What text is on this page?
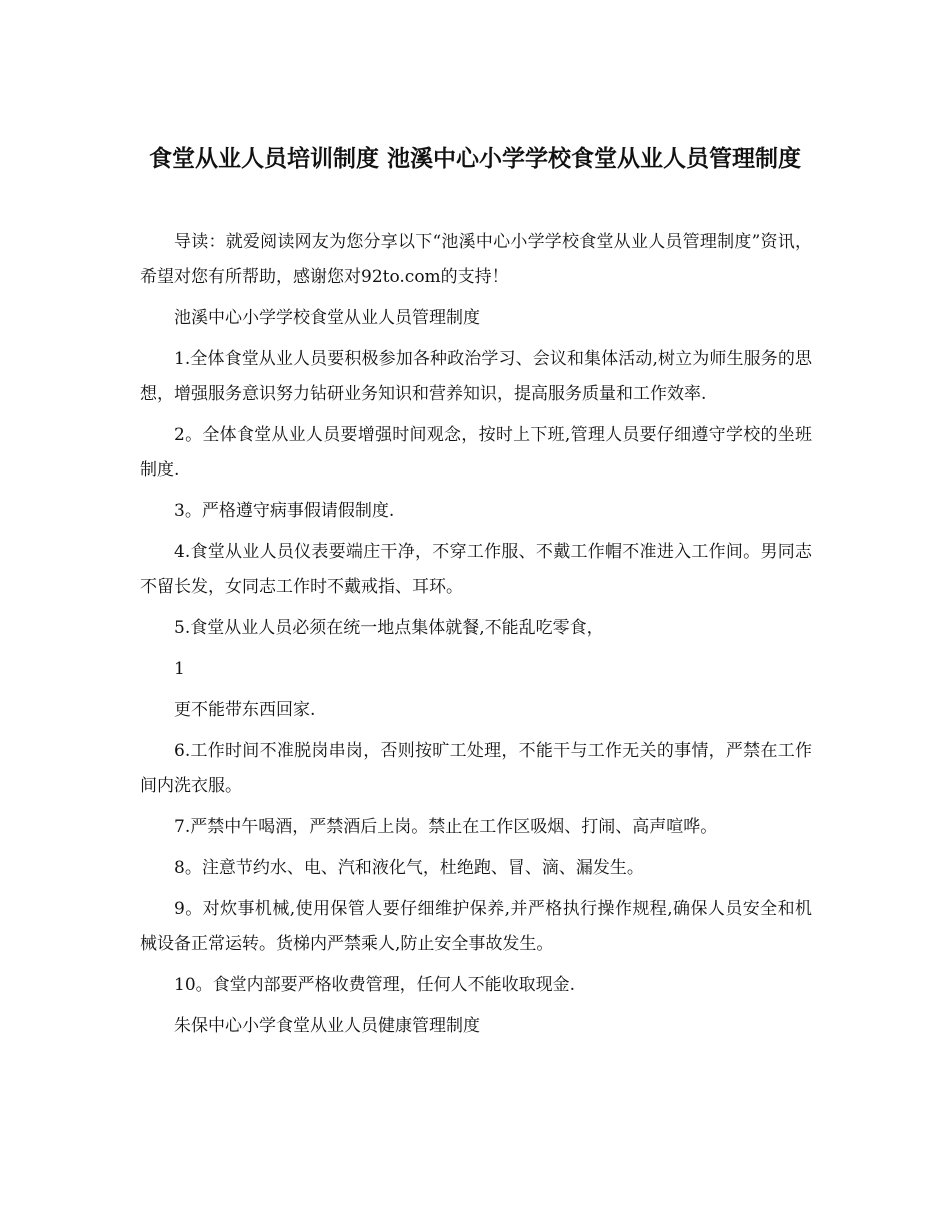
食堂从业人员培训制度 池溪中心小学学校食堂从业人员管理制度

导读：就爱阅读网友为您分享以下“池溪中心小学学校食堂从业人员管理制度”资讯，希望对您有所帮助，感谢您对92to.com的支持！

池溪中心小学学校食堂从业人员管理制度

1.全体食堂从业人员要积极参加各种政治学习、会议和集体活动,树立为师生服务的思想，增强服务意识努力钻研业务知识和营养知识，提高服务质量和工作效率.

2。全体食堂从业人员要增强时间观念，按时上下班,管理人员要仔细遵守学校的坐班制度.

3。严格遵守病事假请假制度.

4.食堂从业人员仪表要端庄干净，不穿工作服、不戴工作帽不准进入工作间。男同志不留长发，女同志工作时不戴戒指、耳环。

5.食堂从业人员必须在统一地点集体就餐,不能乱吃零食，

1

更不能带东西回家.

6.工作时间不准脱岗串岗，否则按旷工处理，不能干与工作无关的事情，严禁在工作间内洗衣服。

7.严禁中午喝酒，严禁酒后上岗。禁止在工作区吸烟、打闹、高声喧哗。

8。注意节约水、电、汽和液化气，杜绝跑、冒、滴、漏发生。

9。对炊事机械,使用保管人要仔细维护保养,并严格执行操作规程,确保人员安全和机械设备正常运转。货梯内严禁乘人,防止安全事故发生。

10。食堂内部要严格收费管理，任何人不能收取现金.

朱保中心小学食堂从业人员健康管理制度
